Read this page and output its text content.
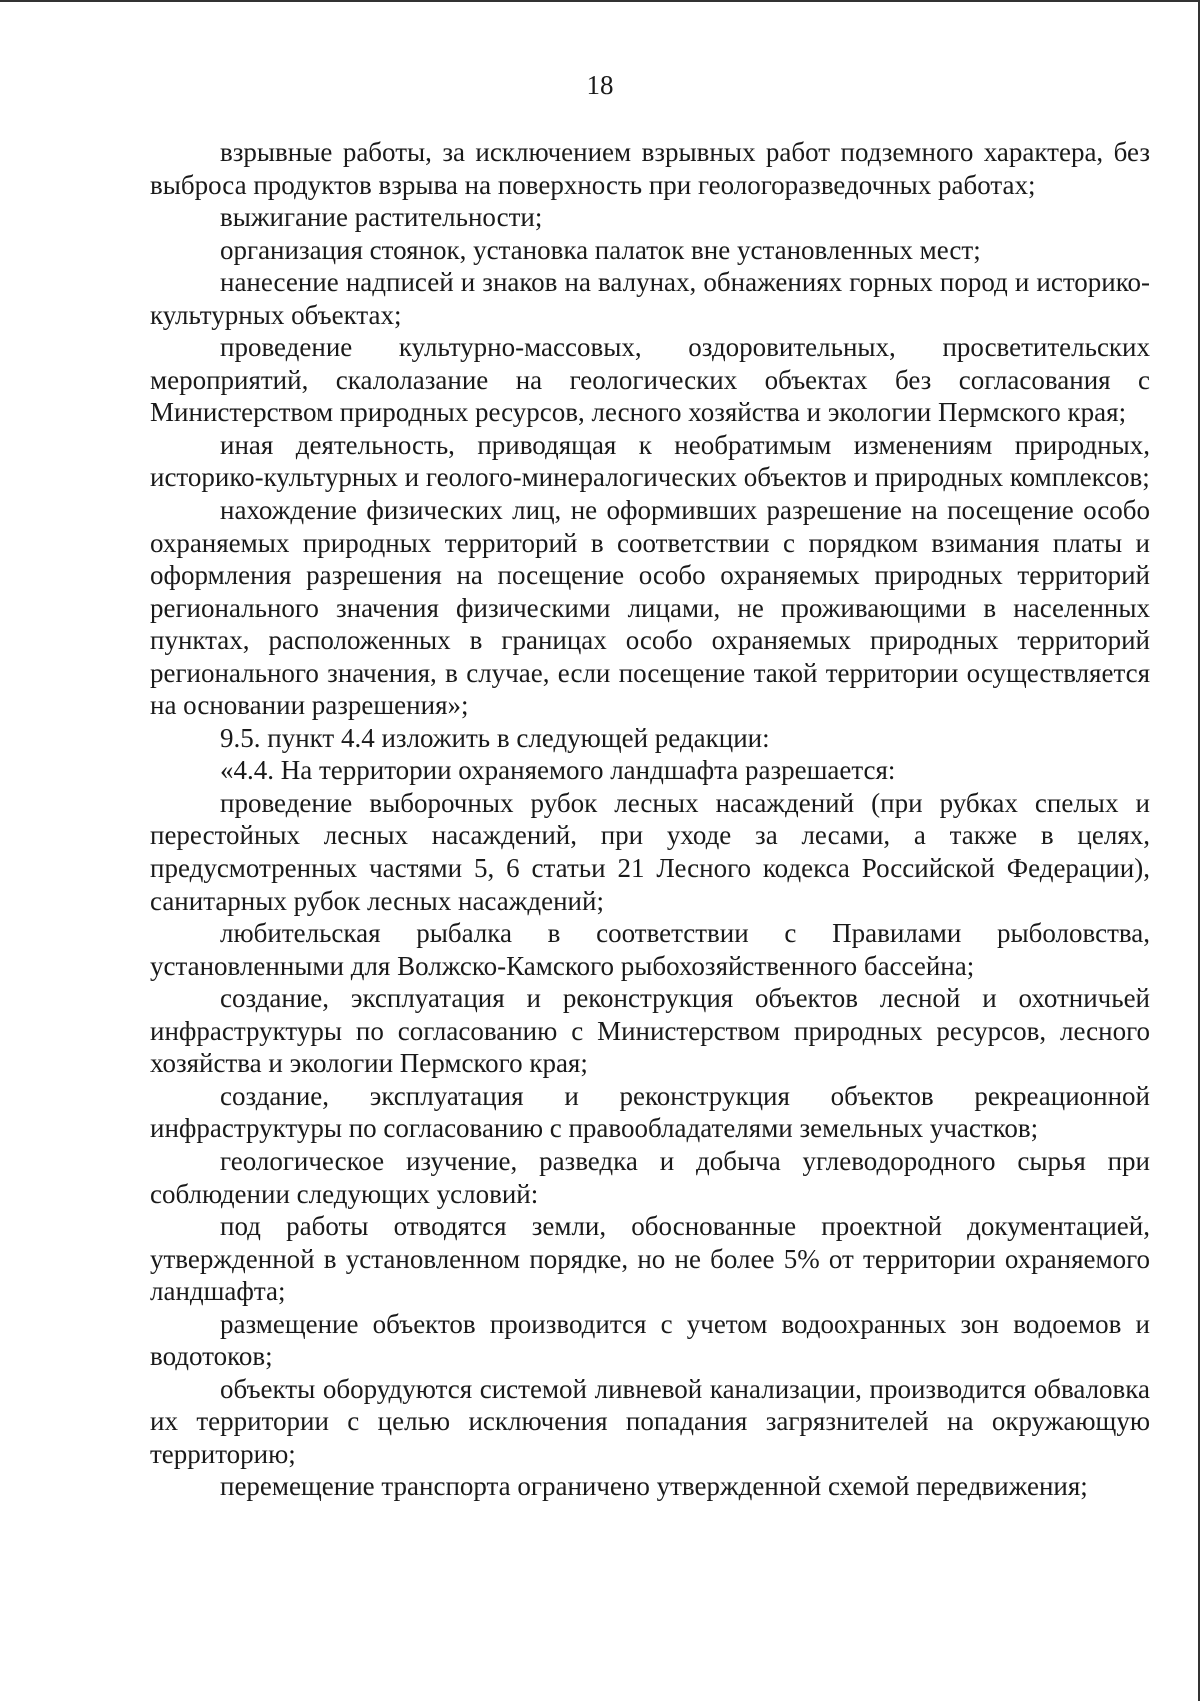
18

взрывные работы, за исключением взрывных работ подземного характера, без выброса продуктов взрыва на поверхность при геологоразведочных работах;

выжигание растительности;

организация стоянок, установка палаток вне установленных мест;

нанесение надписей и знаков на валунах, обнажениях горных пород и историко-культурных объектах;

проведение культурно-массовых, оздоровительных, просветительских мероприятий, скалолазание на геологических объектах без согласования с Министерством природных ресурсов, лесного хозяйства и экологии Пермского края;

иная деятельность, приводящая к необратимым изменениям природных, историко-культурных и геолого-минералогических объектов и природных комплексов;

нахождение физических лиц, не оформивших разрешение на посещение особо охраняемых природных территорий в соответствии с порядком взимания платы и оформления разрешения на посещение особо охраняемых природных территорий регионального значения физическими лицами, не проживающими в населенных пунктах, расположенных в границах особо охраняемых природных территорий регионального значения, в случае, если посещение такой территории осуществляется на основании разрешения»;

9.5. пункт 4.4 изложить в следующей редакции:

«4.4. На территории охраняемого ландшафта разрешается:

проведение выборочных рубок лесных насаждений (при рубках спелых и перестойных лесных насаждений, при уходе за лесами, а также в целях, предусмотренных частями 5, 6 статьи 21 Лесного кодекса Российской Федерации), санитарных рубок лесных насаждений;

любительская рыбалка в соответствии с Правилами рыболовства, установленными для Волжско-Камского рыбохозяйственного бассейна;

создание, эксплуатация и реконструкция объектов лесной и охотничьей инфраструктуры по согласованию с Министерством природных ресурсов, лесного хозяйства и экологии Пермского края;

создание, эксплуатация и реконструкция объектов рекреационной инфраструктуры по согласованию с правообладателями земельных участков;

геологическое изучение, разведка и добыча углеводородного сырья при соблюдении следующих условий:

под работы отводятся земли, обоснованные проектной документацией, утвержденной в установленном порядке, но не более 5% от территории охраняемого ландшафта;

размещение объектов производится с учетом водоохранных зон водоемов и водотоков;

объекты оборудуются системой ливневой канализации, производится обваловка их территории с целью исключения попадания загрязнителей на окружающую территорию;

перемещение транспорта ограничено утвержденной схемой передвижения;
